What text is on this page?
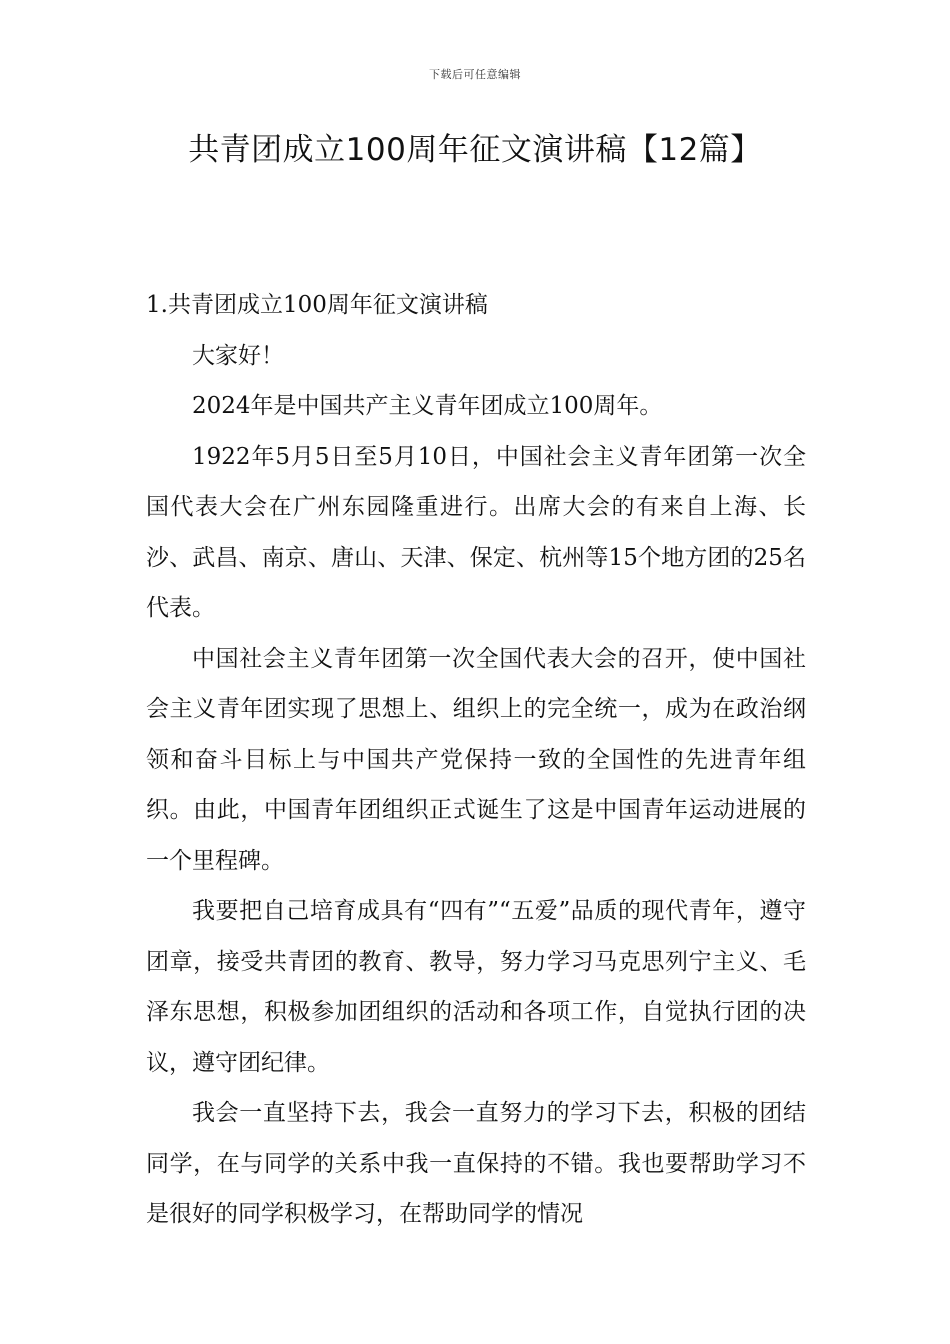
下载后可任意编辑
共青团成立100周年征文演讲稿【12篇】
1.共青团成立100周年征文演讲稿

大家好！

2024年是中国共产主义青年团成立100周年。

1922年5月5日至5月10日，中国社会主义青年团第一次全国代表大会在广州东园隆重进行。出席大会的有来自上海、长沙、武昌、南京、唐山、天津、保定、杭州等15个地方团的25名代表。

中国社会主义青年团第一次全国代表大会的召开，使中国社会主义青年团实现了思想上、组织上的完全统一，成为在政治纲领和奋斗目标上与中国共产党保持一致的全国性的先进青年组织。由此，中国青年团组织正式诞生了这是中国青年运动进展的一个里程碑。

我要把自己培育成具有“四有”“五爱”品质的现代青年，遵守团章，接受共青团的教育、教导，努力学习马克思列宁主义、毛泽东思想，积极参加团组织的活动和各项工作，自觉执行团的决议，遵守团纪律。

我会一直坚持下去，我会一直努力的学习下去，积极的团结同学，在与同学的关系中我一直保持的不错。我也要帮助学习不是很好的同学积极学习，在帮助同学的情况
